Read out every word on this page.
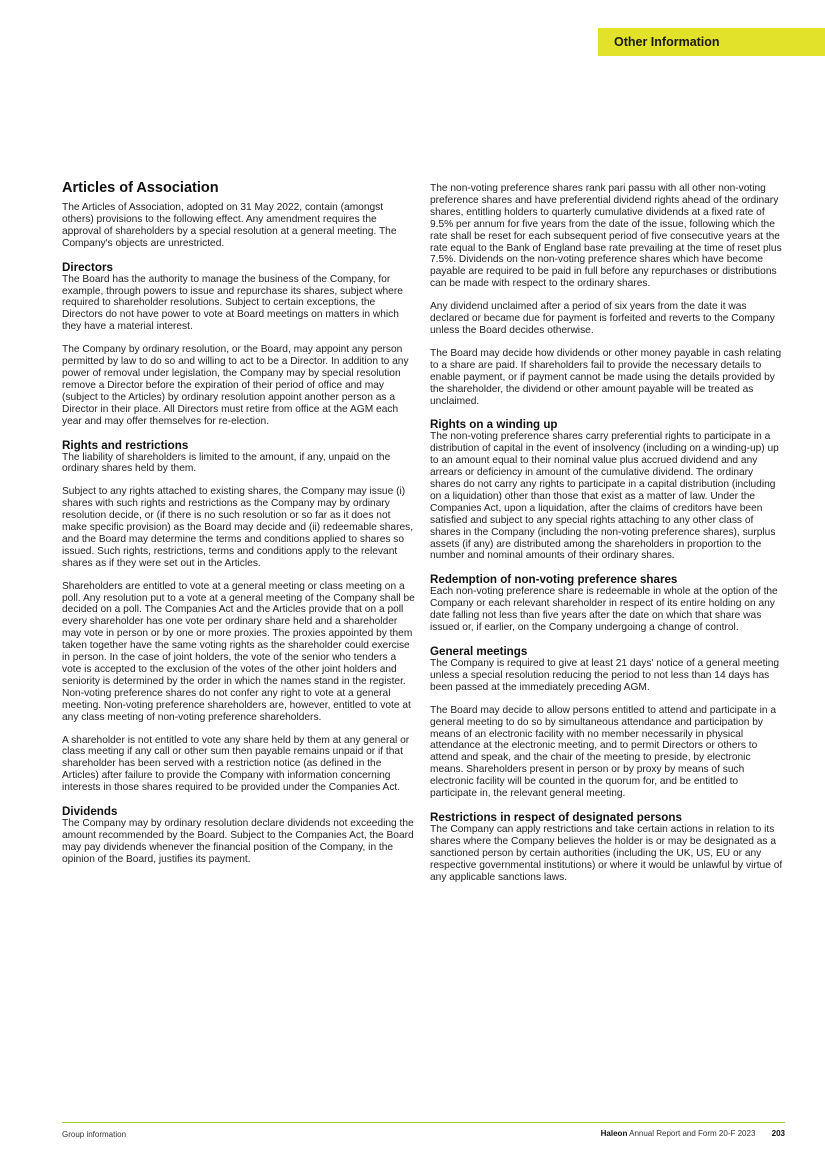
Other Information
Articles of Association

The Articles of Association, adopted on 31 May 2022, contain (amongst others) provisions to the following effect. Any amendment requires the approval of shareholders by a special resolution at a general meeting. The Company's objects are unrestricted.

Directors

The Board has the authority to manage the business of the Company, for example, through powers to issue and repurchase its shares, subject where required to shareholder resolutions. Subject to certain exceptions, the Directors do not have power to vote at Board meetings on matters in which they have a material interest.

The Company by ordinary resolution, or the Board, may appoint any person permitted by law to do so and willing to act to be a Director. In addition to any power of removal under legislation, the Company may by special resolution remove a Director before the expiration of their period of office and may (subject to the Articles) by ordinary resolution appoint another person as a Director in their place. All Directors must retire from office at the AGM each year and may offer themselves for re-election.

Rights and restrictions

The liability of shareholders is limited to the amount, if any, unpaid on the ordinary shares held by them.

Subject to any rights attached to existing shares, the Company may issue (i) shares with such rights and restrictions as the Company may by ordinary resolution decide, or (if there is no such resolution or so far as it does not make specific provision) as the Board may decide and (ii) redeemable shares, and the Board may determine the terms and conditions applied to shares so issued. Such rights, restrictions, terms and conditions apply to the relevant shares as if they were set out in the Articles.

Shareholders are entitled to vote at a general meeting or class meeting on a poll. Any resolution put to a vote at a general meeting of the Company shall be decided on a poll. The Companies Act and the Articles provide that on a poll every shareholder has one vote per ordinary share held and a shareholder may vote in person or by one or more proxies. The proxies appointed by them taken together have the same voting rights as the shareholder could exercise in person. In the case of joint holders, the vote of the senior who tenders a vote is accepted to the exclusion of the votes of the other joint holders and seniority is determined by the order in which the names stand in the register. Non-voting preference shares do not confer any right to vote at a general meeting. Non-voting preference shareholders are, however, entitled to vote at any class meeting of non-voting preference shareholders.

A shareholder is not entitled to vote any share held by them at any general or class meeting if any call or other sum then payable remains unpaid or if that shareholder has been served with a restriction notice (as defined in the Articles) after failure to provide the Company with information concerning interests in those shares required to be provided under the Companies Act.

Dividends

The Company may by ordinary resolution declare dividends not exceeding the amount recommended by the Board. Subject to the Companies Act, the Board may pay dividends whenever the financial position of the Company, in the opinion of the Board, justifies its payment.

The non-voting preference shares rank pari passu with all other non-voting preference shares and have preferential dividend rights ahead of the ordinary shares, entitling holders to quarterly cumulative dividends at a fixed rate of 9.5% per annum for five years from the date of the issue, following which the rate shall be reset for each subsequent period of five consecutive years at the rate equal to the Bank of England base rate prevailing at the time of reset plus 7.5%. Dividends on the non-voting preference shares which have become payable are required to be paid in full before any repurchases or distributions can be made with respect to the ordinary shares.

Any dividend unclaimed after a period of six years from the date it was declared or became due for payment is forfeited and reverts to the Company unless the Board decides otherwise.

The Board may decide how dividends or other money payable in cash relating to a share are paid. If shareholders fail to provide the necessary details to enable payment, or if payment cannot be made using the details provided by the shareholder, the dividend or other amount payable will be treated as unclaimed.

Rights on a winding up

The non-voting preference shares carry preferential rights to participate in a distribution of capital in the event of insolvency (including on a winding-up) up to an amount equal to their nominal value plus accrued dividend and any arrears or deficiency in amount of the cumulative dividend. The ordinary shares do not carry any rights to participate in a capital distribution (including on a liquidation) other than those that exist as a matter of law. Under the Companies Act, upon a liquidation, after the claims of creditors have been satisfied and subject to any special rights attaching to any other class of shares in the Company (including the non-voting preference shares), surplus assets (if any) are distributed among the shareholders in proportion to the number and nominal amounts of their ordinary shares.

Redemption of non-voting preference shares

Each non-voting preference share is redeemable in whole at the option of the Company or each relevant shareholder in respect of its entire holding on any date falling not less than five years after the date on which that share was issued or, if earlier, on the Company undergoing a change of control.

General meetings

The Company is required to give at least 21 days' notice of a general meeting unless a special resolution reducing the period to not less than 14 days has been passed at the immediately preceding AGM.

The Board may decide to allow persons entitled to attend and participate in a general meeting to do so by simultaneous attendance and participation by means of an electronic facility with no member necessarily in physical attendance at the electronic meeting, and to permit Directors or others to attend and speak, and the chair of the meeting to preside, by electronic means. Shareholders present in person or by proxy by means of such electronic facility will be counted in the quorum for, and be entitled to participate in, the relevant general meeting.

Restrictions in respect of designated persons

The Company can apply restrictions and take certain actions in relation to its shares where the Company believes the holder is or may be designated as a sanctioned person by certain authorities (including the UK, US, EU or any respective governmental institutions) or where it would be unlawful by virtue of any applicable sanctions laws.

Group information	Haleon Annual Report and Form 20-F 2023 203
